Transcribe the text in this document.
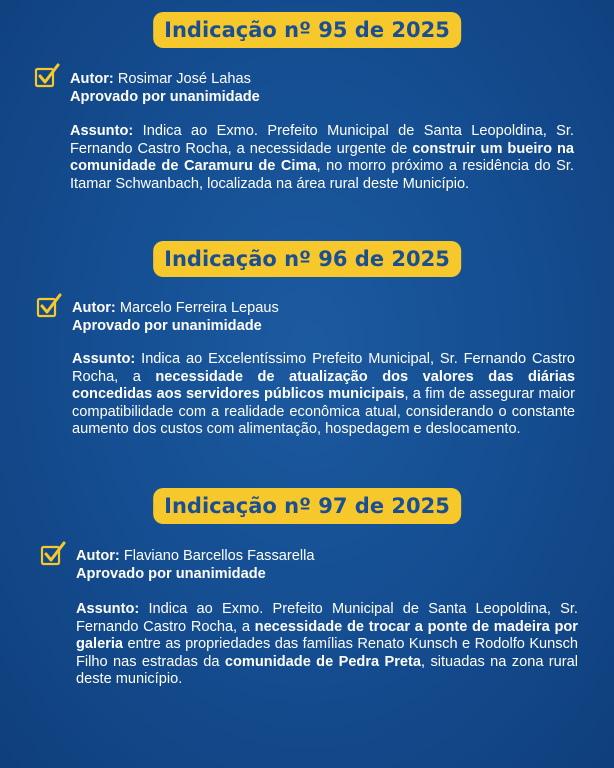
Indicação nº 95 de 2025
Autor: Rosimar José Lahas
Aprovado por unanimidade
Assunto: Indica ao Exmo. Prefeito Municipal de Santa Leopoldina, Sr. Fernando Castro Rocha, a necessidade urgente de construir um bueiro na comunidade de Caramuru de Cima, no morro próximo a residência do Sr. Itamar Schwanbach, localizada na área rural deste Município.
Indicação nº 96 de 2025
Autor: Marcelo Ferreira Lepaus
Aprovado por unanimidade
Assunto: Indica ao Excelentíssimo Prefeito Municipal, Sr. Fernando Castro Rocha, a necessidade de atualização dos valores das diárias concedidas aos servidores públicos municipais, a fim de assegurar maior compatibilidade com a realidade econômica atual, considerando o constante aumento dos custos com alimentação, hospedagem e deslocamento.
Indicação nº 97 de 2025
Autor: Flaviano Barcellos Fassarella
Aprovado por unanimidade
Assunto: Indica ao Exmo. Prefeito Municipal de Santa Leopoldina, Sr. Fernando Castro Rocha, a necessidade de trocar a ponte de madeira por galeria entre as propriedades das famílias Renato Kunsch e Rodolfo Kunsch Filho nas estradas da comunidade de Pedra Preta, situadas na zona rural deste município.
